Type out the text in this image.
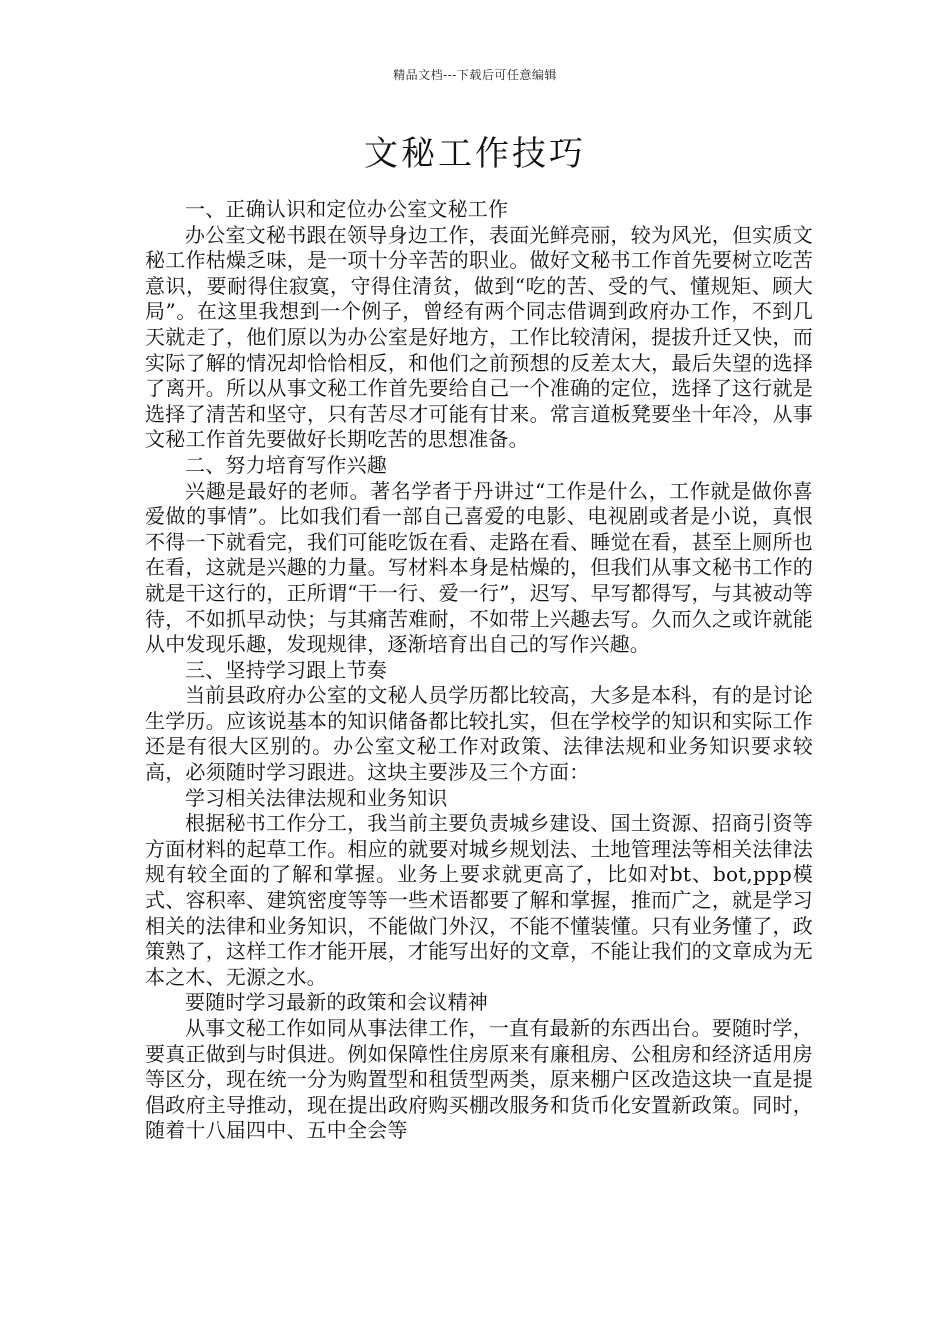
精品文档---下载后可任意编辑
文秘工作技巧

一、正确认识和定位办公室文秘工作

办公室文秘书跟在领导身边工作，表面光鲜亮丽，较为风光，但实质文秘工作枯燥乏味，是一项十分辛苦的职业。做好文秘书工作首先要树立吃苦意识，要耐得住寂寞，守得住清贫，做到“吃的苦、受的气、懂规矩、顾大局”。在这里我想到一个例子，曾经有两个同志借调到政府办工作，不到几天就走了，他们原以为办公室是好地方，工作比较清闲，提拔升迁又快，而实际了解的情况却恰恰相反，和他们之前预想的反差太大，最后失望的选择了离开。所以从事文秘工作首先要给自己一个准确的定位，选择了这行就是选择了清苦和坚守，只有苦尽才可能有甘来。常言道板凳要坐十年冷，从事文秘工作首先要做好长期吃苦的思想准备。

二、努力培育写作兴趣

兴趣是最好的老师。著名学者于丹讲过“工作是什么，工作就是做你喜爱做的事情”。比如我们看一部自己喜爱的电影、电视剧或者是小说，真恨不得一下就看完，我们可能吃饭在看、走路在看、睡觉在看，甚至上厕所也在看，这就是兴趣的力量。写材料本身是枯燥的，但我们从事文秘书工作的就是干这行的，正所谓“干一行、爱一行”，迟写、早写都得写，与其被动等待，不如抓早动快；与其痛苦难耐，不如带上兴趣去写。久而久之或许就能从中发现乐趣，发现规律，逐渐培育出自己的写作兴趣。

三、坚持学习跟上节奏

当前县政府办公室的文秘人员学历都比较高，大多是本科，有的是讨论生学历。应该说基本的知识储备都比较扎实，但在学校学的知识和实际工作还是有很大区别的。办公室文秘工作对政策、法律法规和业务知识要求较高，必须随时学习跟进。这块主要涉及三个方面：

学习相关法律法规和业务知识

根据秘书工作分工，我当前主要负责城乡建设、国土资源、招商引资等方面材料的起草工作。相应的就要对城乡规划法、土地管理法等相关法律法规有较全面的了解和掌握。业务上要求就更高了，比如对bt、bot,ppp模式、容积率、建筑密度等等一些术语都要了解和掌握，推而广之，就是学习相关的法律和业务知识，不能做门外汉，不能不懂装懂。只有业务懂了，政策熟了，这样工作才能开展，才能写出好的文章，不能让我们的文章成为无本之木、无源之水。

要随时学习最新的政策和会议精神

从事文秘工作如同从事法律工作，一直有最新的东西出台。要随时学，要真正做到与时俱进。例如保障性住房原来有廉租房、公租房和经济适用房等区分，现在统一分为购置型和租赁型两类，原来棚户区改造这块一直是提倡政府主导推动，现在提出政府购买棚改服务和货币化安置新政策。同时，随着十八届四中、五中全会等
